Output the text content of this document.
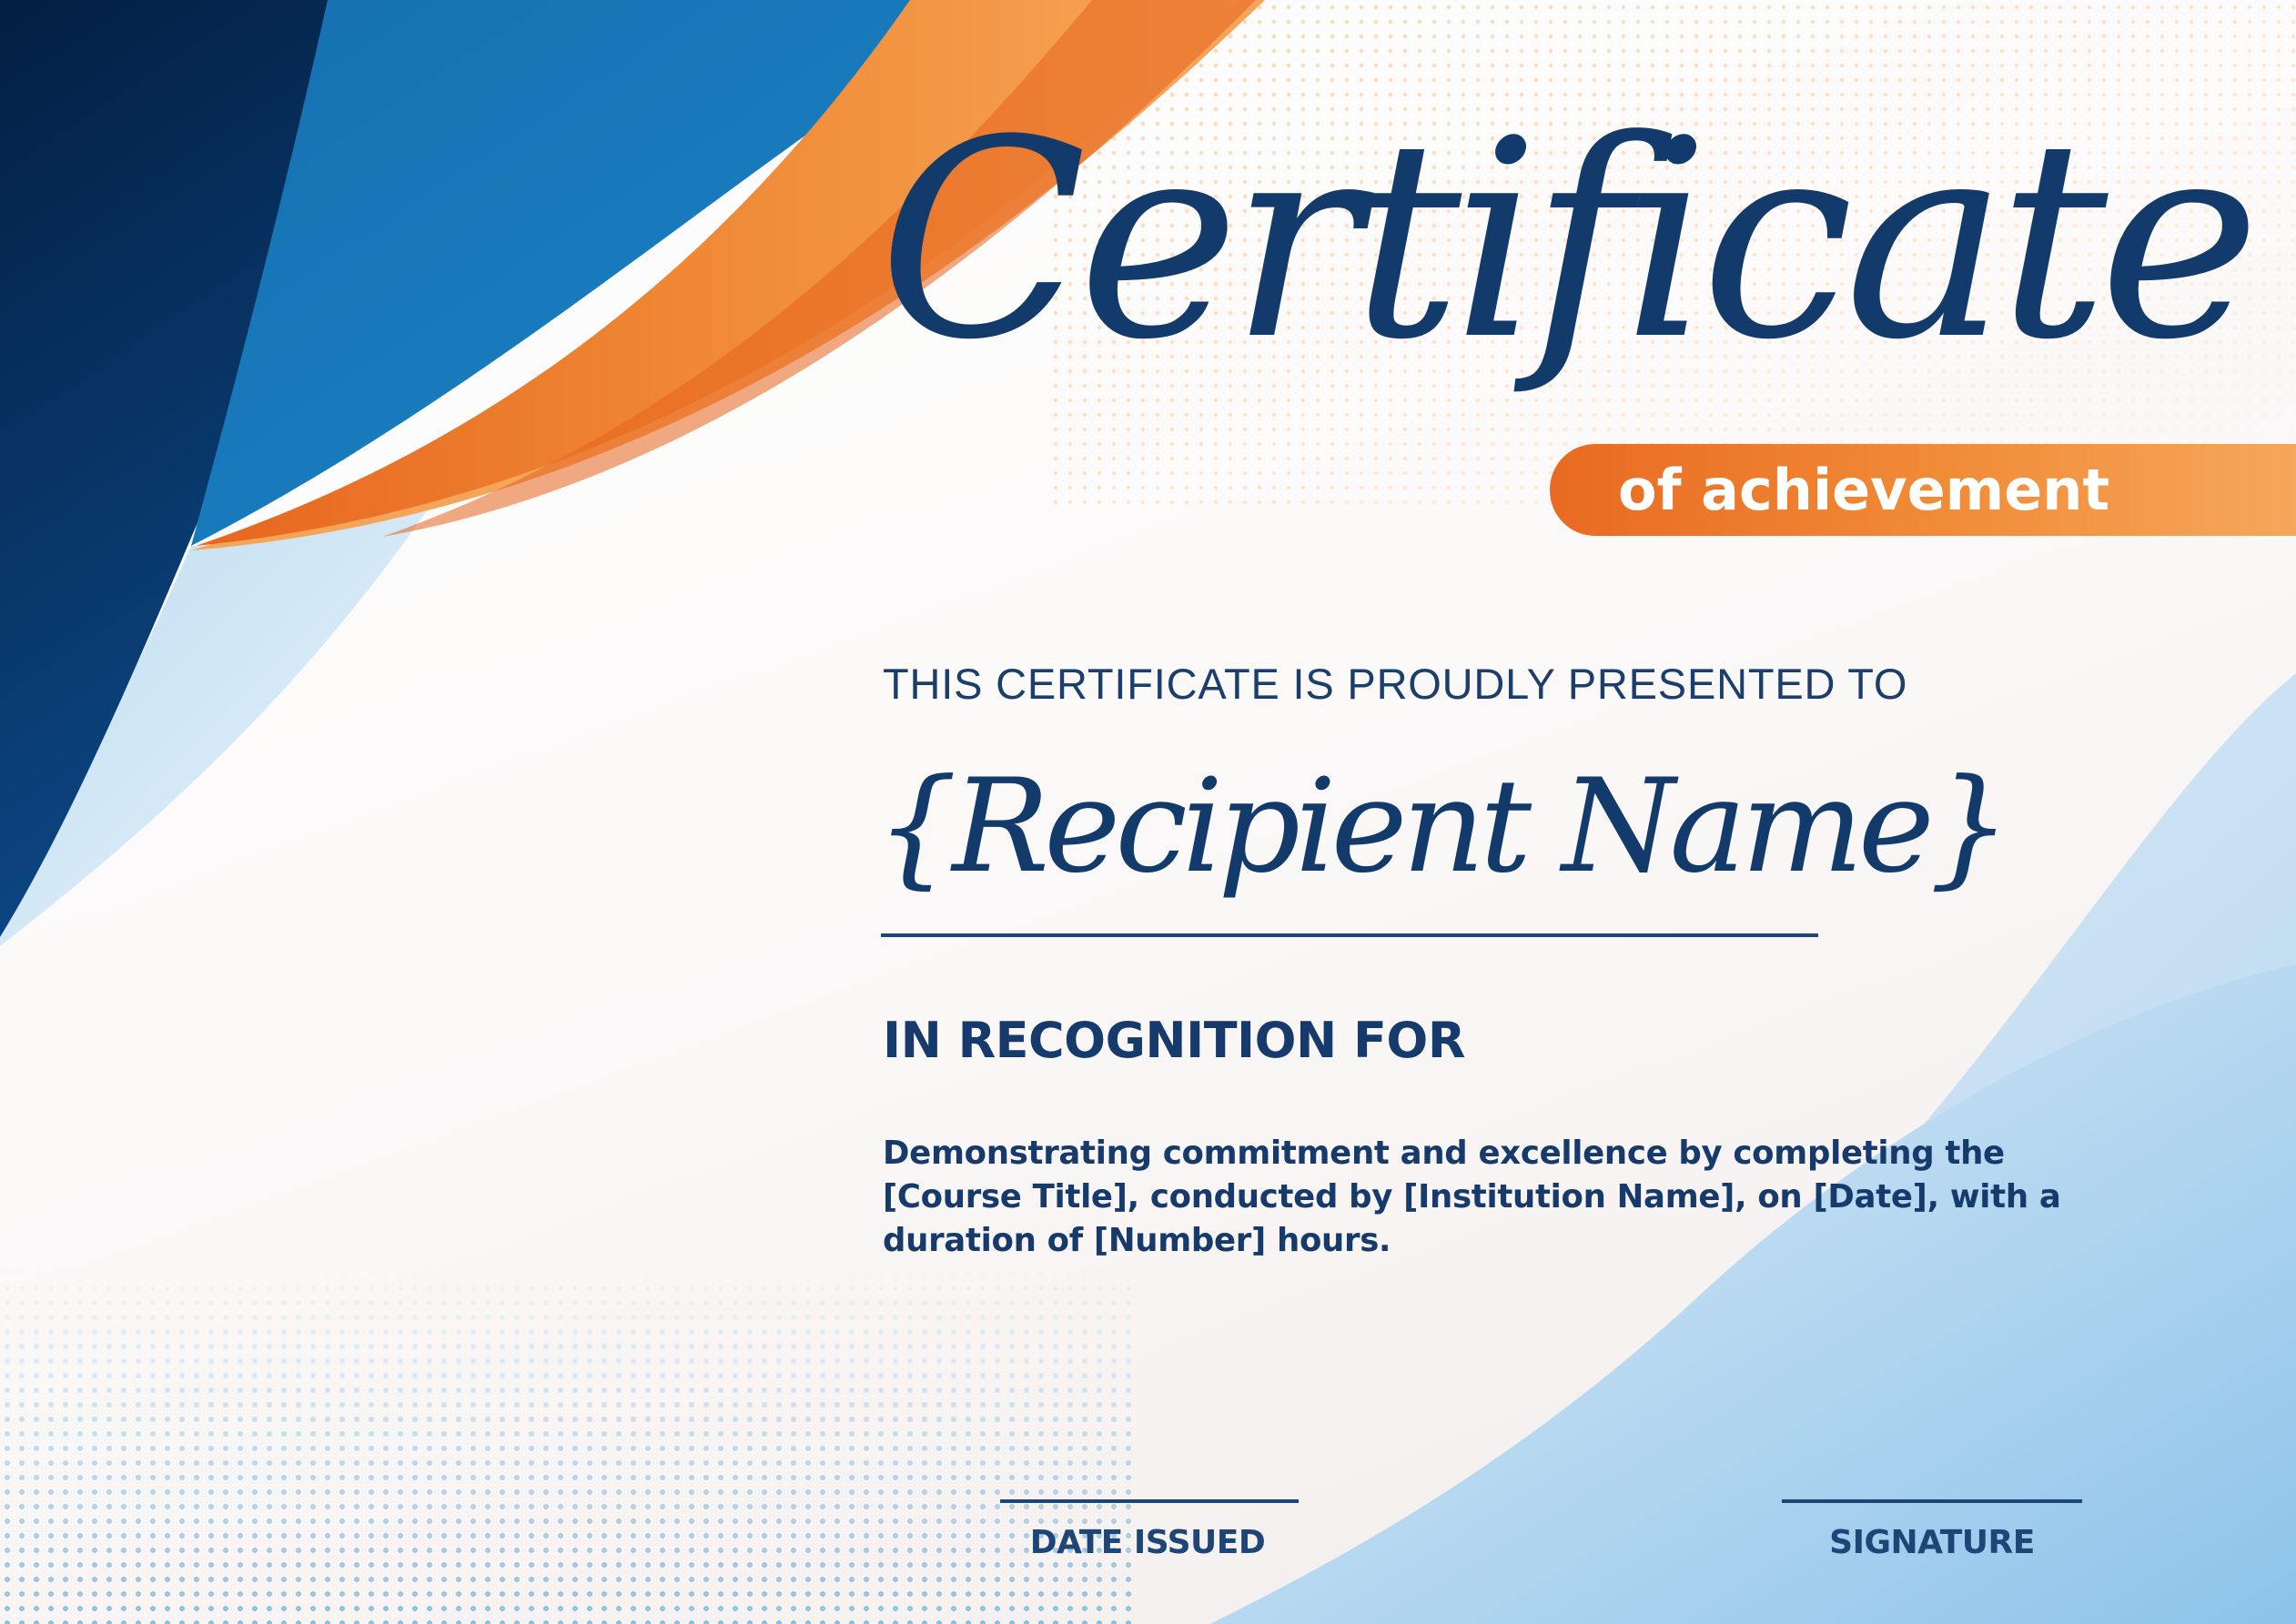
Certificate
of achievement

THIS CERTIFICATE IS PROUDLY PRESENTED TO

{Recipient Name}

IN RECOGNITION FOR

Demonstrating commitment and excellence by completing the [Course Title], conducted by [Institution Name], on [Date], with a duration of [Number] hours.

DATE ISSUED	SIGNATURE
